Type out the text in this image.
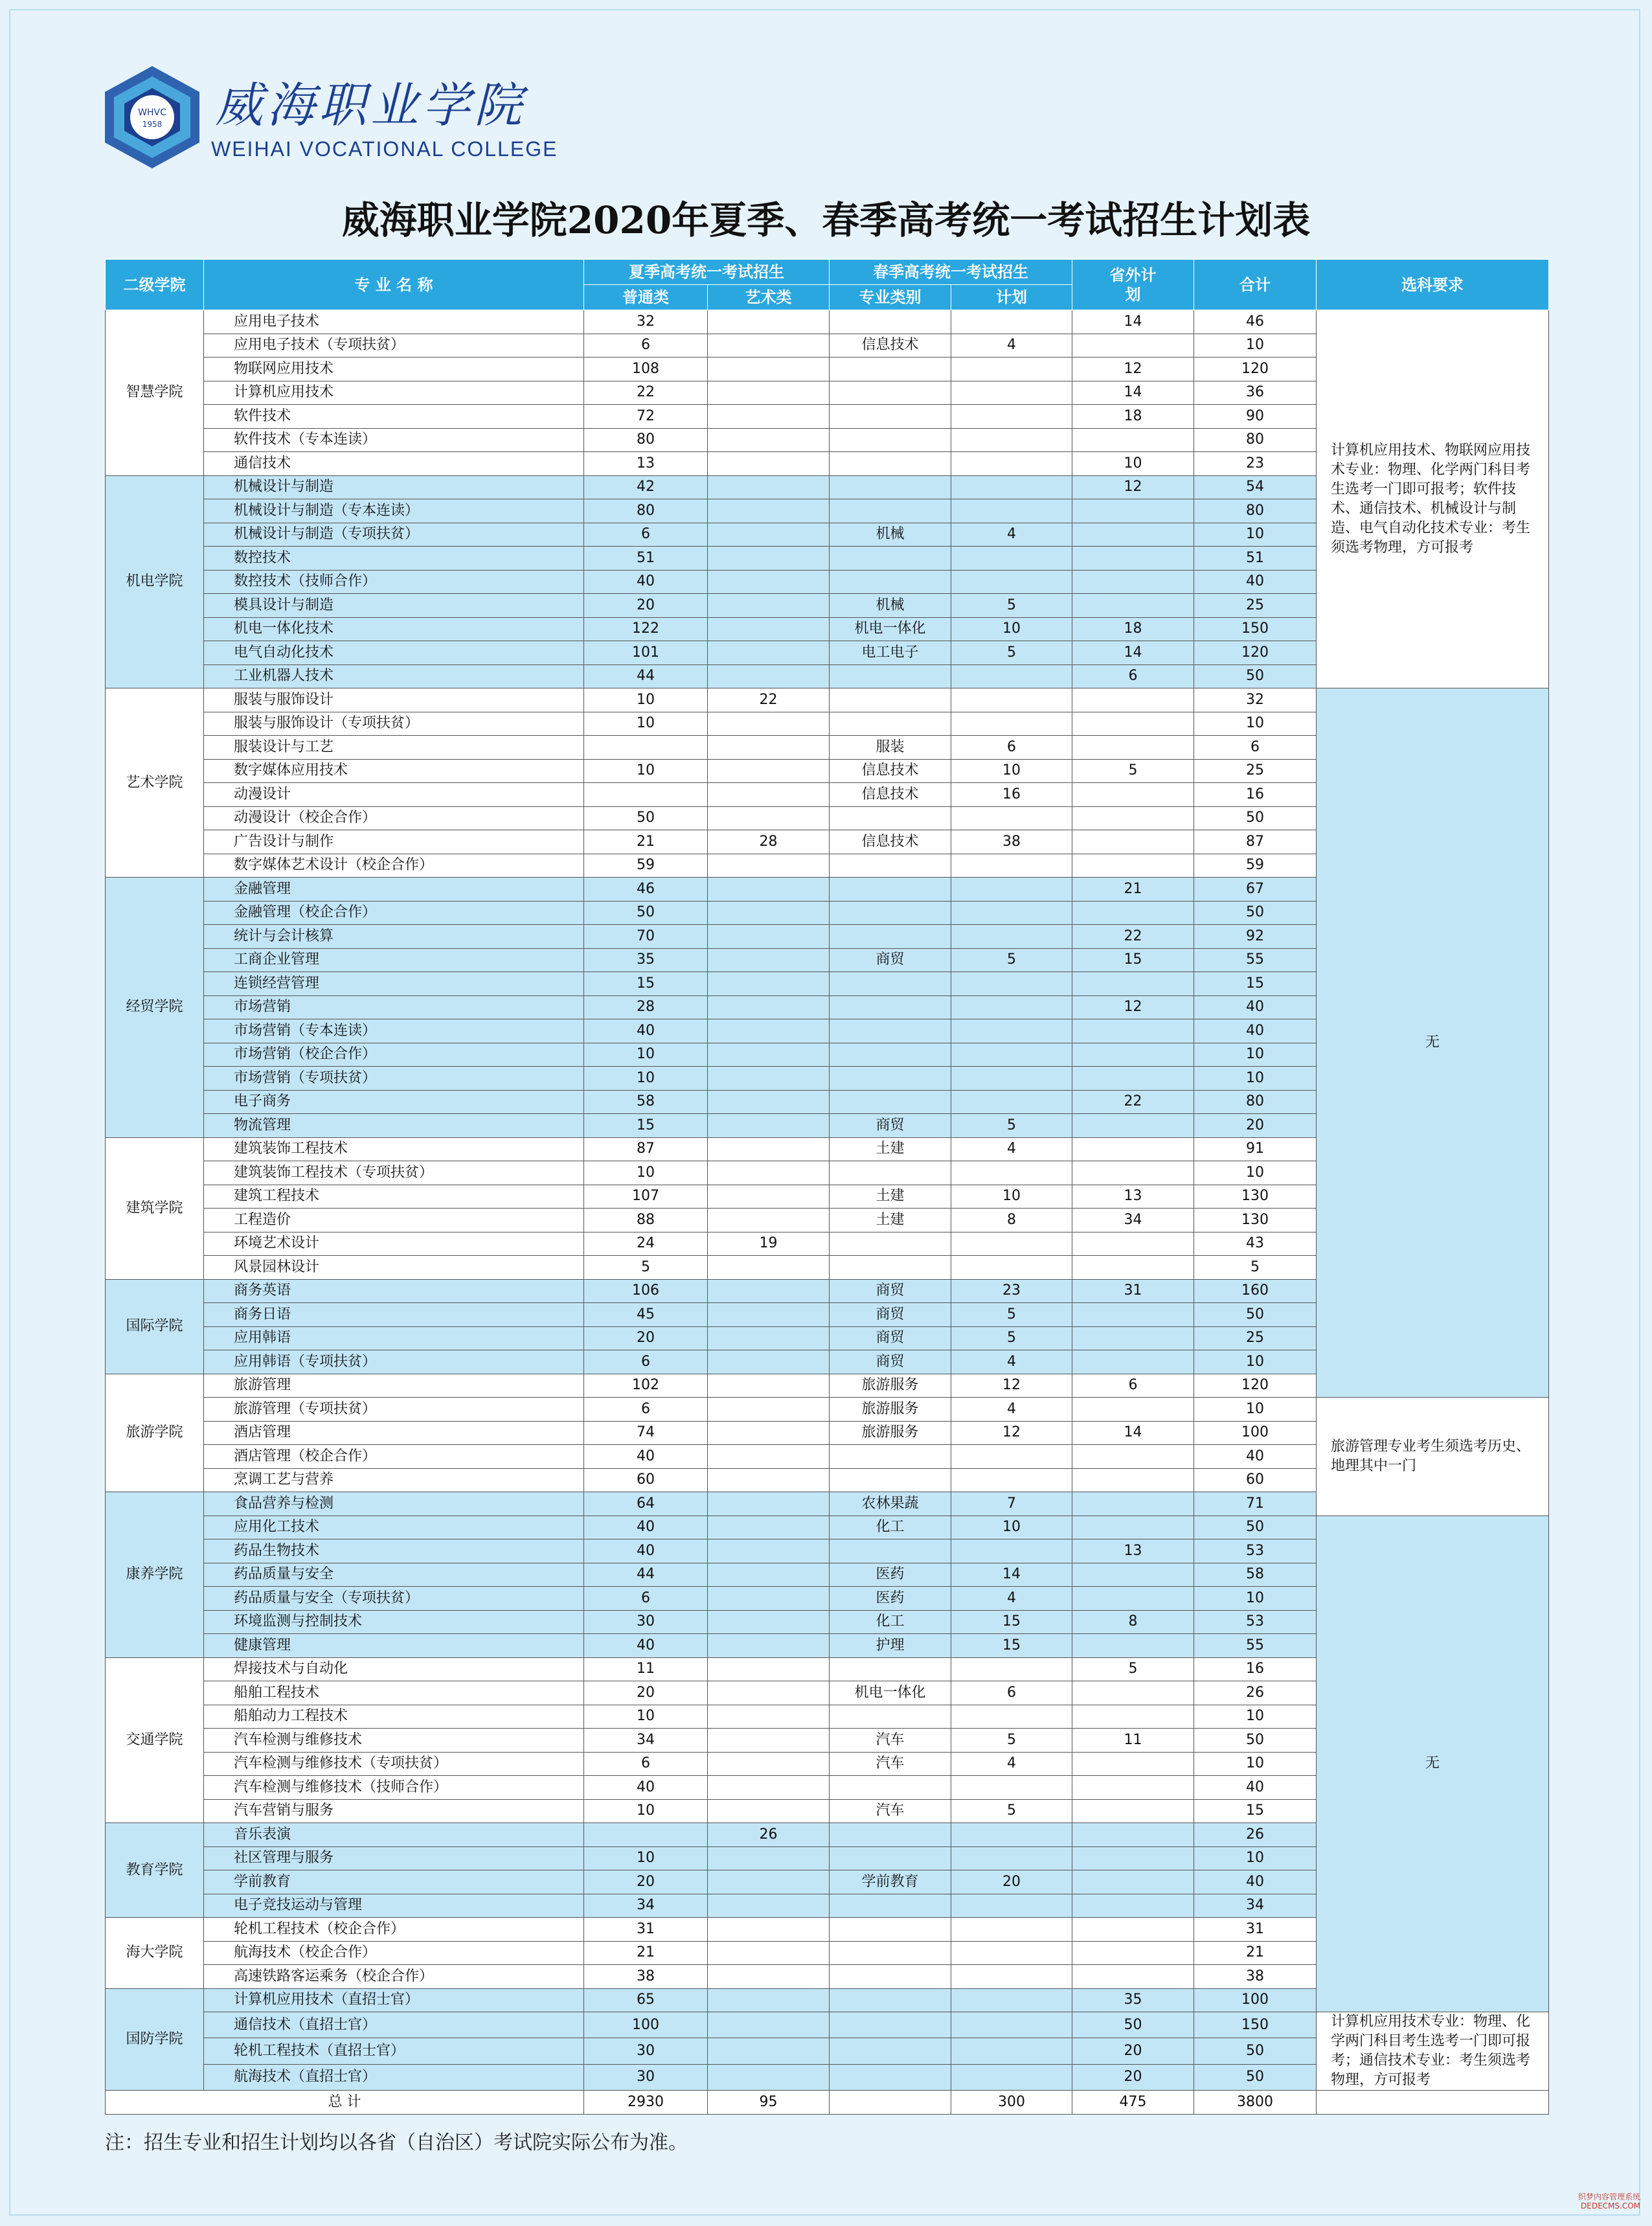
WHVC
1958 威海职业学院
WEIHAI VOCATIONAL COLLEGE
威海职业学院2020年夏季、春季高考统一考试招生计划表
二级学院	专 业 名 称	夏季高考统一考试招生		春季高考统一考试招生		省外计划	合计	选科要求
		普通类	艺术类	专业类别	计划			
智慧学院	应用电子技术	32				14	46	计算机应用技术、物联网应用技术专业：物理、化学两门科目考生选考一门即可报考；软件技术、通信技术、机械设计与制造、电气自动化技术专业：考生须选考物理，方可报考
	应用电子技术（专项扶贫）	6		信息技术	4		10	
	物联网应用技术	108				12	120	
	计算机应用技术	22				14	36	
	软件技术	72				18	90	
	软件技术（专本连读）	80					80	
	通信技术	13				10	23	
机电学院	机械设计与制造	42				12	54	
	机械设计与制造（专本连读）	80					80	
	机械设计与制造（专项扶贫）	6		机械	4		10	
	数控技术	51					51	
	数控技术（技师合作）	40					40	
	模具设计与制造	20		机械	5		25	
	机电一体化技术	122		机电一体化	10	18	150	
	电气自动化技术	101		电工电子	5	14	120	
	工业机器人技术	44				6	50	
艺术学院	服装与服饰设计	10	22				32	无
	服装与服饰设计（专项扶贫）	10					10	
	服装设计与工艺			服装	6		6	
	数字媒体应用技术	10		信息技术	10	5	25	
	动漫设计			信息技术	16		16	
	动漫设计（校企合作）	50					50	
	广告设计与制作	21	28	信息技术	38		87	
	数字媒体艺术设计（校企合作）	59					59	
经贸学院	金融管理	46				21	67	
	金融管理（校企合作）	50					50	
	统计与会计核算	70				22	92	
	工商企业管理	35		商贸	5	15	55	
	连锁经营管理	15					15	
	市场营销	28				12	40	
	市场营销（专本连读）	40					40	
	市场营销（校企合作）	10					10	
	市场营销（专项扶贫）	10					10	
	电子商务	58				22	80	
	物流管理	15		商贸	5		20	
建筑学院	建筑装饰工程技术	87		土建	4		91	
	建筑装饰工程技术（专项扶贫）	10					10	
	建筑工程技术	107		土建	10	13	130	
	工程造价	88		土建	8	34	130	
	环境艺术设计	24	19				43	
	风景园林设计	5					5	
国际学院	商务英语	106		商贸	23	31	160	
	商务日语	45		商贸	5		50	
	应用韩语	20		商贸	5		25	
	应用韩语（专项扶贫）	6		商贸	4		10	
旅游学院	旅游管理	102		旅游服务	12	6	120	
	旅游管理（专项扶贫）	6		旅游服务	4		10	旅游管理专业考生须选考历史、地理其中一门
	酒店管理	74		旅游服务	12	14	100	
	酒店管理（校企合作）	40					40	
	烹调工艺与营养	60					60	
康养学院	食品营养与检测	64		农林果蔬	7		71	
	应用化工技术	40		化工	10		50	无
	药品生物技术	40				13	53	
	药品质量与安全	44		医药	14		58	
	药品质量与安全（专项扶贫）	6		医药	4		10	
	环境监测与控制技术	30		化工	15	8	53	
	健康管理	40		护理	15		55	
交通学院	焊接技术与自动化	11				5	16	
	船舶工程技术	20		机电一体化	6		26	
	船舶动力工程技术	10					10	
	汽车检测与维修技术	34		汽车	5	11	50	
	汽车检测与维修技术（专项扶贫）	6		汽车	4		10	
	汽车检测与维修技术（技师合作）	40					40	
	汽车营销与服务	10		汽车	5		15	
教育学院	音乐表演		26				26	
	社区管理与服务	10					10	
	学前教育	20		学前教育	20		40	
	电子竞技运动与管理	34					34	
海大学院	轮机工程技术（校企合作）	31					31	
	航海技术（校企合作）	21					21	
	高速铁路客运乘务（校企合作）	38					38	
国防学院	计算机应用技术（直招士官）	65				35	100	
	通信技术（直招士官）	100				50	150	计算机应用技术专业：物理、化学两门科目考生选考一门即可报考；通信技术专业：考生须选考物理，方可报考
	轮机工程技术（直招士官）	30				20	50	
	航海技术（直招士官）	30				20	50	
总 计		2930	95		300	475	3800	
注：招生专业和招生计划均以各省（自治区）考试院实际公布为准。
织梦内容管理系统
DEDECMS.COM
